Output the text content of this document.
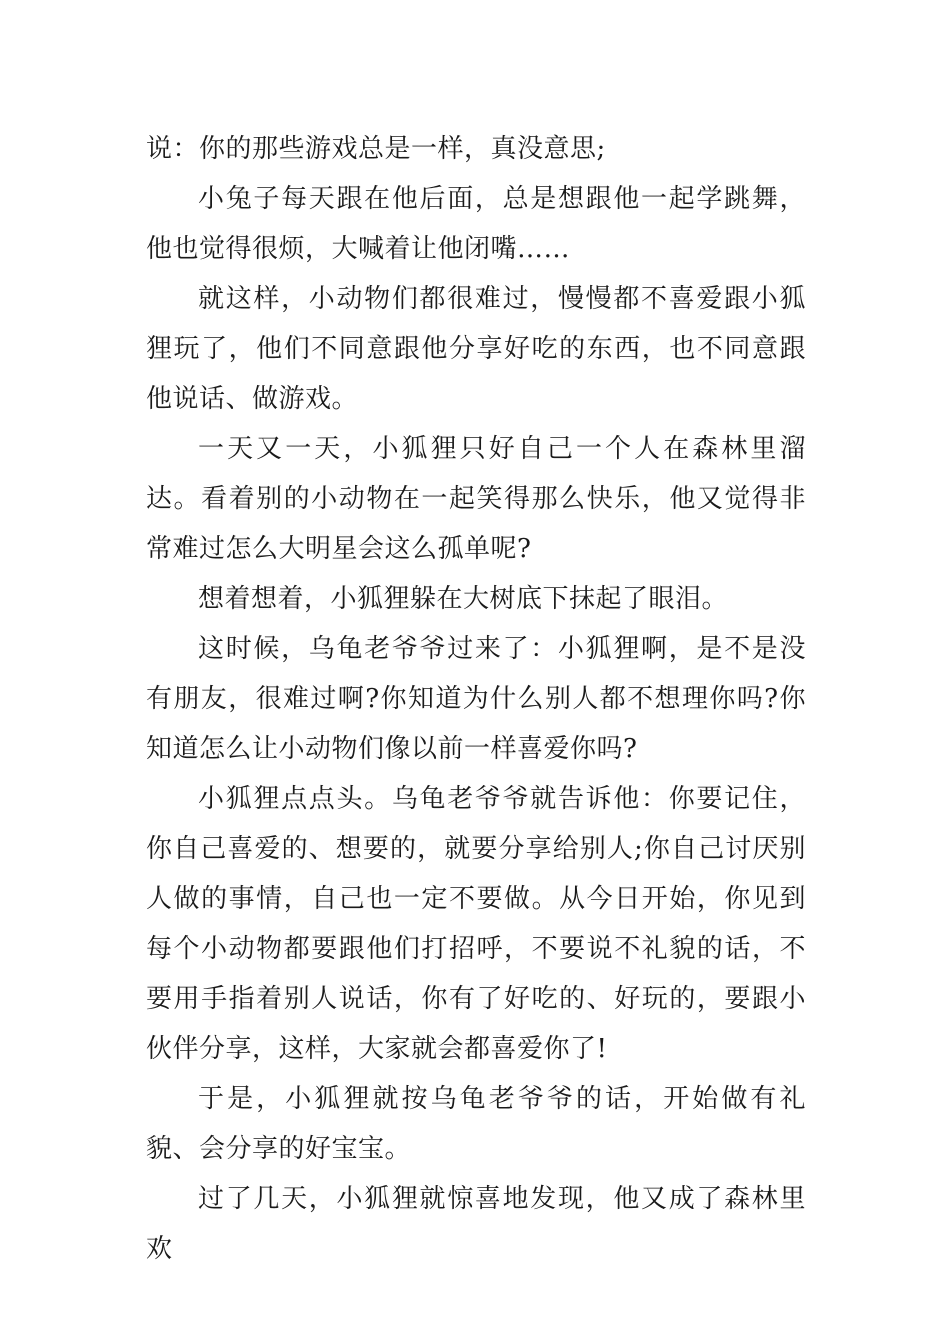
说：你的那些游戏总是一样，真没意思;

小兔子每天跟在他后面，总是想跟他一起学跳舞，他也觉得很烦，大喊着让他闭嘴……

就这样，小动物们都很难过，慢慢都不喜爱跟小狐狸玩了，他们不同意跟他分享好吃的东西，也不同意跟他说话、做游戏。

一天又一天，小狐狸只好自己一个人在森林里溜达。看着别的小动物在一起笑得那么快乐，他又觉得非常难过怎么大明星会这么孤单呢?

想着想着，小狐狸躲在大树底下抹起了眼泪。

这时候，乌龟老爷爷过来了：小狐狸啊，是不是没有朋友，很难过啊?你知道为什么别人都不想理你吗?你知道怎么让小动物们像以前一样喜爱你吗?

小狐狸点点头。乌龟老爷爷就告诉他：你要记住，你自己喜爱的、想要的，就要分享给别人;你自己讨厌别人做的事情，自己也一定不要做。从今日开始，你见到每个小动物都要跟他们打招呼，不要说不礼貌的话，不要用手指着别人说话，你有了好吃的、好玩的，要跟小伙伴分享，这样，大家就会都喜爱你了!

于是，小狐狸就按乌龟老爷爷的话，开始做有礼貌、会分享的好宝宝。

过了几天，小狐狸就惊喜地发现，他又成了森林里欢
